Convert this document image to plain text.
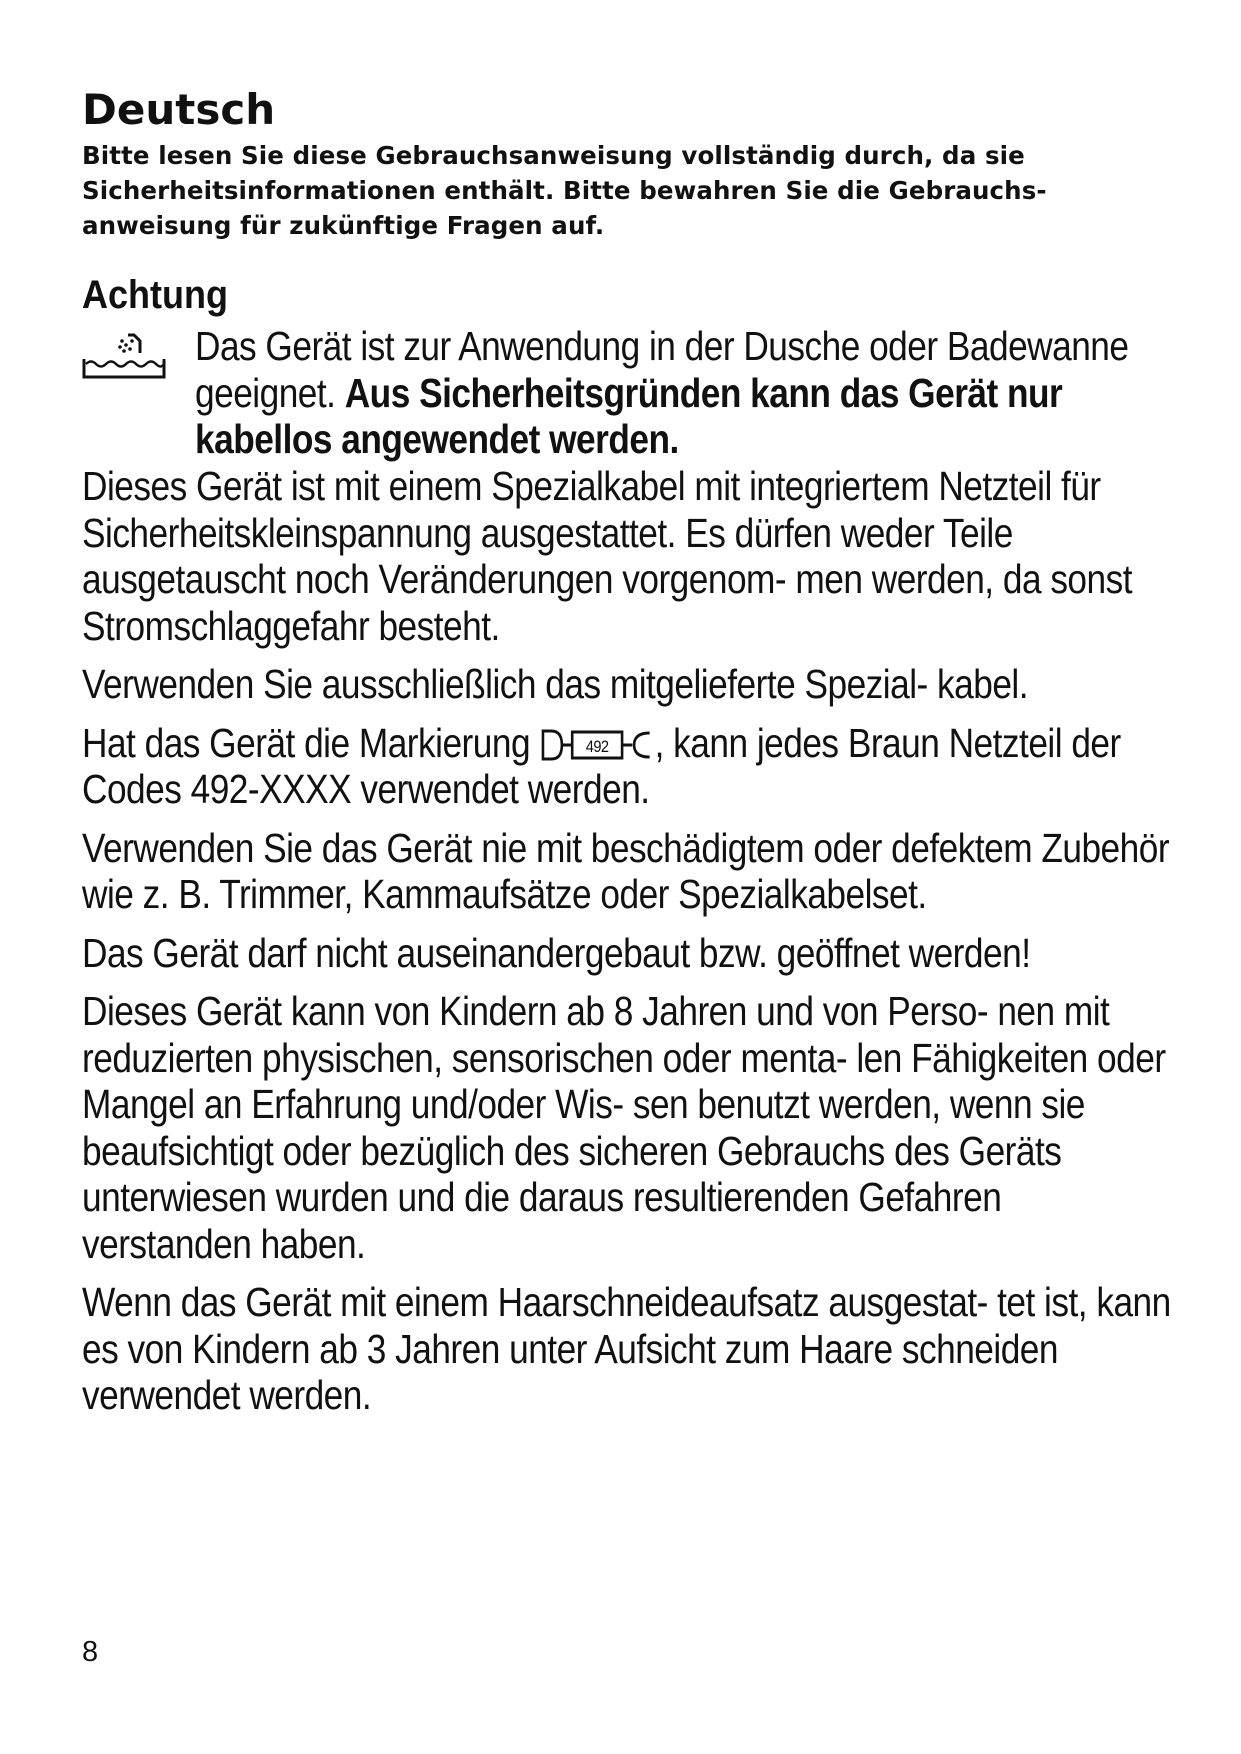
Deutsch

Bitte lesen Sie diese Gebrauchsanweisung vollständig durch, da sie Sicherheitsinformationen enthält. Bitte bewahren Sie die Gebrauchs- anweisung für zukünftige Fragen auf.

Achtung
Das Gerät ist zur Anwendung in der Dusche oder Badewanne geeignet. Aus Sicherheitsgründen kann das Gerät nur kabellos angewendet werden.

Dieses Gerät ist mit einem Spezialkabel mit integriertem Netzteil für Sicherheitskleinspannung ausgestattet. Es dürfen weder Teile ausgetauscht noch Veränderungen vorgenom- men werden, da sonst Stromschlaggefahr besteht.

Verwenden Sie ausschließlich das mitgelieferte Spezial- kabel.

Hat das Gerät die Markierung	492 , kann jedes Braun Netzteil der Codes 492-XXXX verwendet werden.

Verwenden Sie das Gerät nie mit beschädigtem oder defektem Zubehör wie z. B. Trimmer, Kammaufsätze oder Spezialkabelset.

Das Gerät darf nicht auseinandergebaut bzw. geöffnet werden!

Dieses Gerät kann von Kindern ab 8 Jahren und von Perso- nen mit reduzierten physischen, sensorischen oder menta- len Fähigkeiten oder Mangel an Erfahrung und/oder Wis- sen benutzt werden, wenn sie beaufsichtigt oder bezüglich des sicheren Gebrauchs des Geräts unterwiesen wurden und die daraus resultierenden Gefahren verstanden haben.

Wenn das Gerät mit einem Haarschneideaufsatz ausgestat- tet ist, kann es von Kindern ab 3 Jahren unter Aufsicht zum Haare schneiden verwendet werden.

8
